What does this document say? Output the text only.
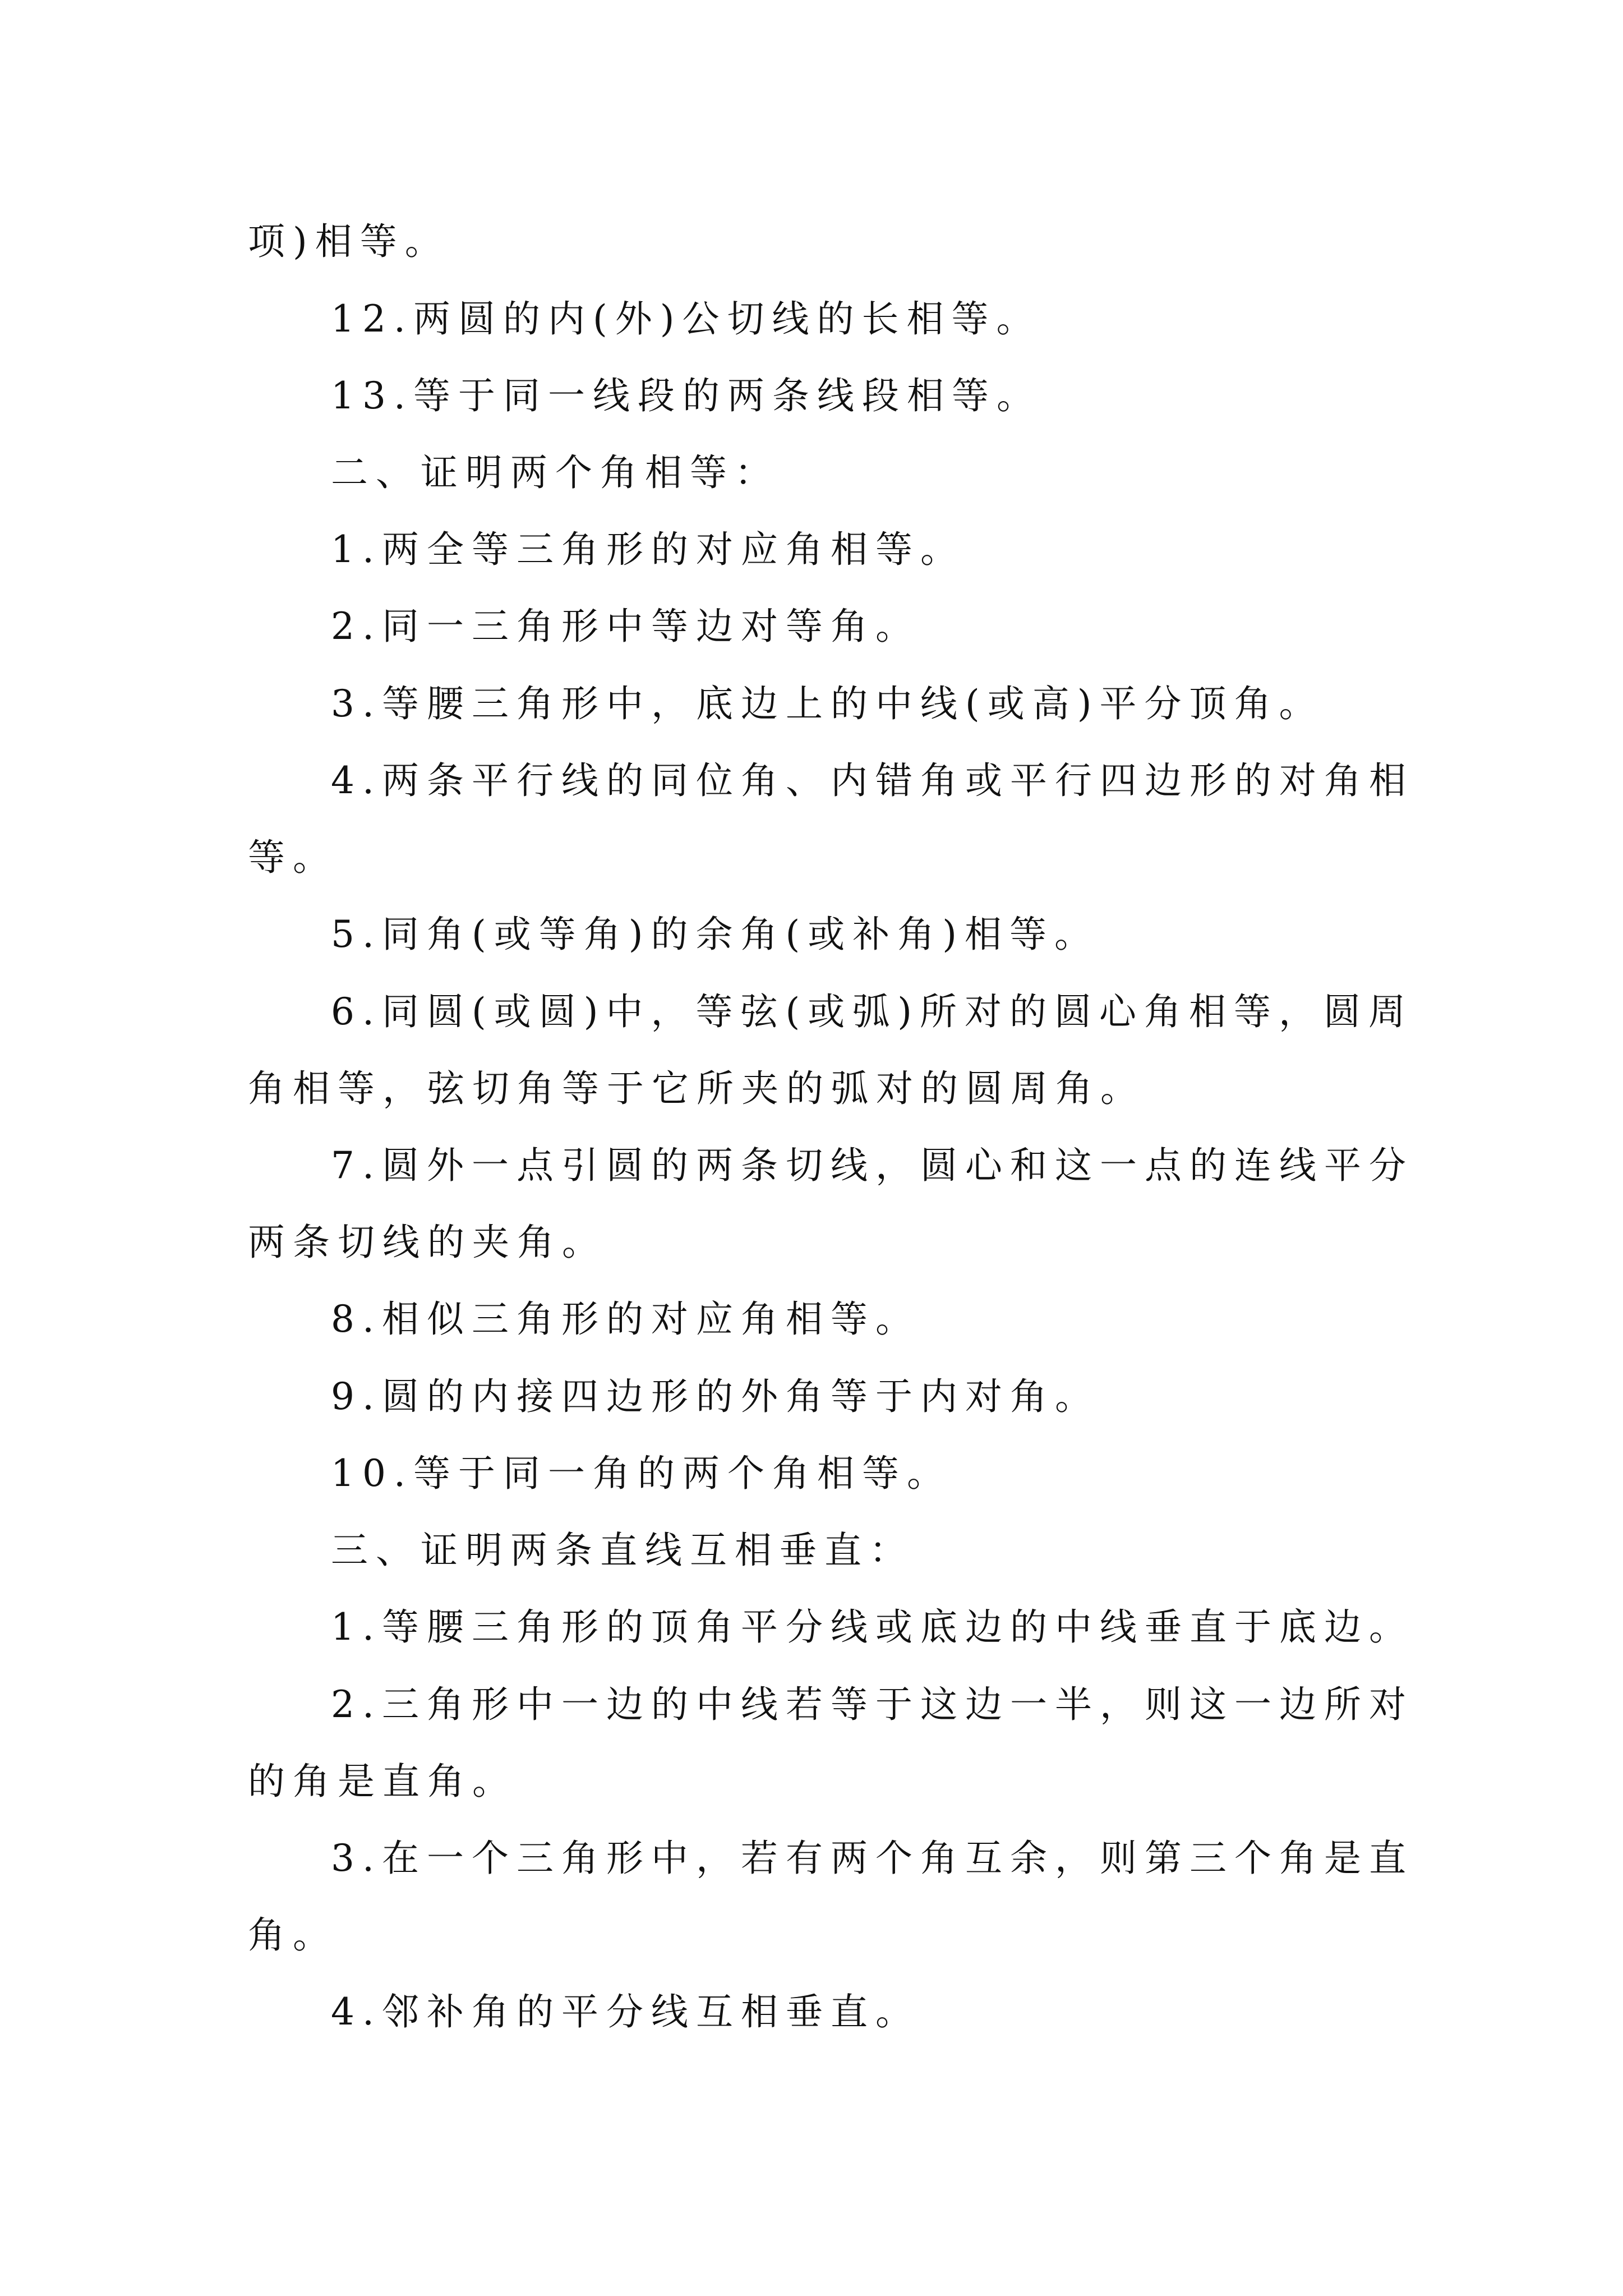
项)相等。
12.两圆的内(外)公切线的长相等。
13.等于同一线段的两条线段相等。
二、证明两个角相等：
1.两全等三角形的对应角相等。
2.同一三角形中等边对等角。
3.等腰三角形中，底边上的中线(或高)平分顶角。
4.两条平行线的同位角、内错角或平行四边形的对角相
等。
5.同角(或等角)的余角(或补角)相等。
6.同圆(或圆)中，等弦(或弧)所对的圆心角相等，圆周
角相等，弦切角等于它所夹的弧对的圆周角。
7.圆外一点引圆的两条切线，圆心和这一点的连线平分
两条切线的夹角。
8.相似三角形的对应角相等。
9.圆的内接四边形的外角等于内对角。
10.等于同一角的两个角相等。
三、证明两条直线互相垂直：
1.等腰三角形的顶角平分线或底边的中线垂直于底边。
2.三角形中一边的中线若等于这边一半，则这一边所对
的角是直角。
3.在一个三角形中，若有两个角互余，则第三个角是直
角。
4.邻补角的平分线互相垂直。
